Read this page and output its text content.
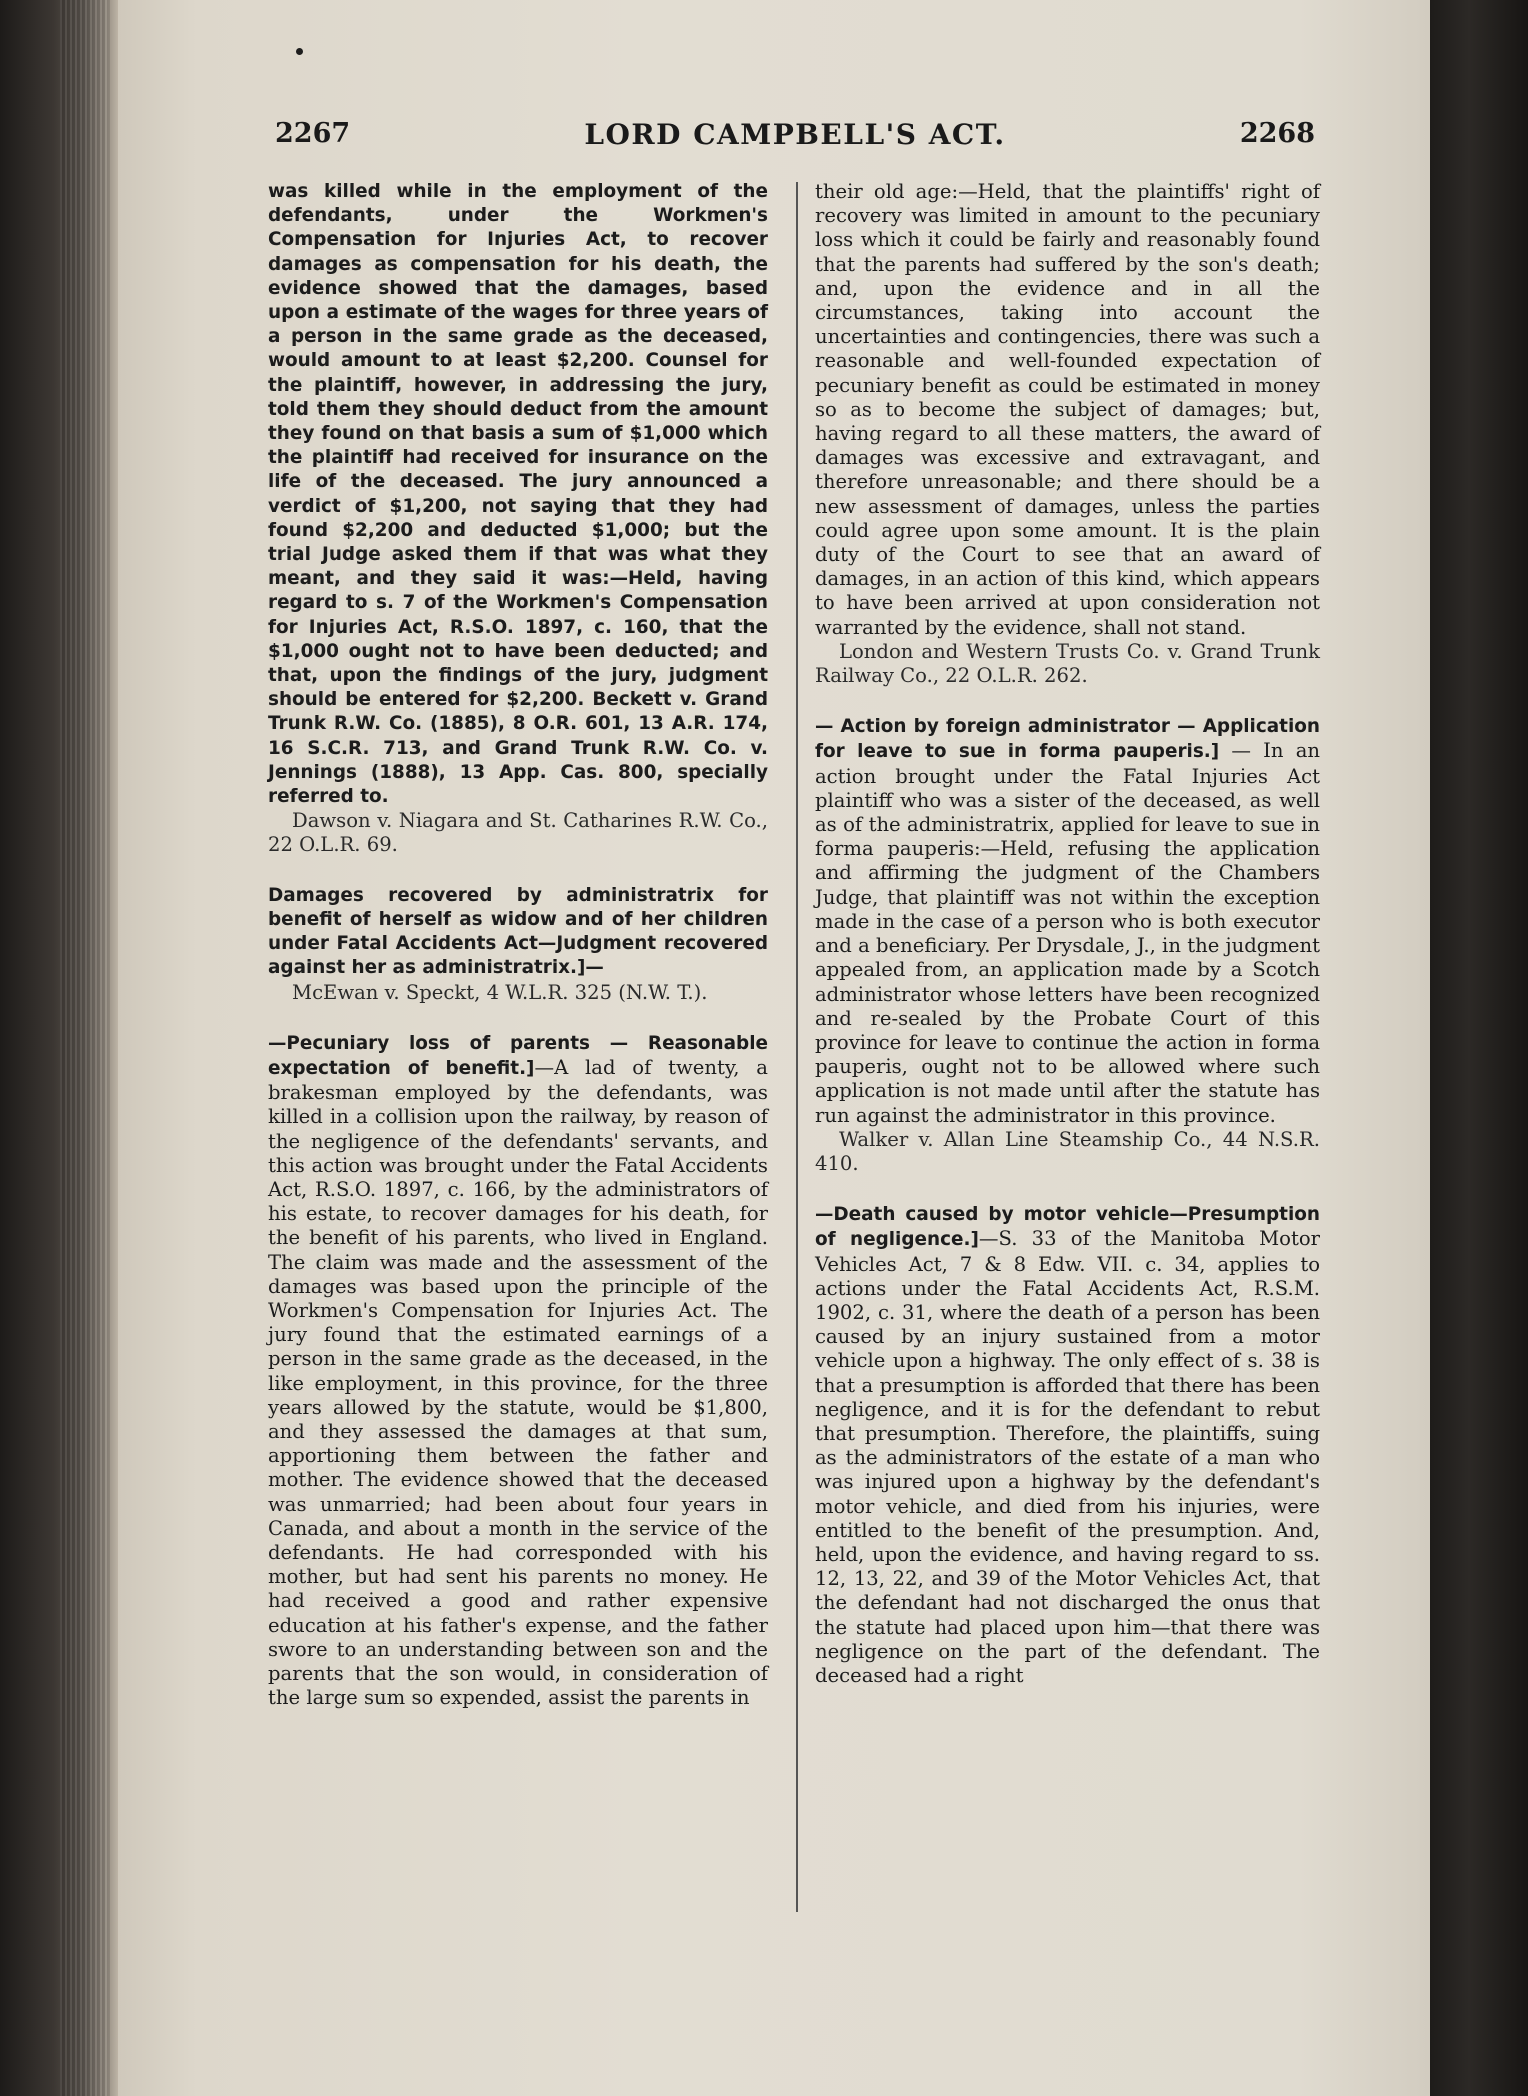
2267	LORD CAMPBELL'S ACT.	2268

was killed while in the employment of the defendants, under the Workmen's Compensation for Injuries Act, to recover damages as compensation for his death, the evidence showed that the damages, based upon a estimate of the wages for three years of a person in the same grade as the deceased, would amount to at least $2,200. Counsel for the plaintiff, however, in addressing the jury, told them they should deduct from the amount they found on that basis a sum of $1,000 which the plaintiff had received for insurance on the life of the deceased. The jury announced a verdict of $1,200, not saying that they had found $2,200 and deducted $1,000; but the trial Judge asked them if that was what they meant, and they said it was:—Held, having regard to s. 7 of the Workmen's Compensation for Injuries Act, R.S.O. 1897, c. 160, that the $1,000 ought not to have been deducted; and that, upon the findings of the jury, judgment should be entered for $2,200. Beckett v. Grand Trunk R.W. Co. (1885), 8 O.R. 601, 13 A.R. 174, 16 S.C.R. 713, and Grand Trunk R.W. Co. v. Jennings (1888), 13 App. Cas. 800, specially referred to.

Dawson v. Niagara and St. Catharines R.W. Co., 22 O.L.R. 69.

Damages recovered by administratrix for benefit of herself as widow and of her children under Fatal Accidents Act—Judgment recovered against her as administratrix.]—

McEwan v. Speckt, 4 W.L.R. 325 (N.W. T.).

—Pecuniary loss of parents — Reasonable expectation of benefit.]—A lad of twenty, a brakesman employed by the defendants, was killed in a collision upon the railway, by reason of the negligence of the defendants' servants, and this action was brought under the Fatal Accidents Act, R.S.O. 1897, c. 166, by the administrators of his estate, to recover damages for his death, for the benefit of his parents, who lived in England. The claim was made and the assessment of the damages was based upon the principle of the Workmen's Compensation for Injuries Act. The jury found that the estimated earnings of a person in the same grade as the deceased, in the like employment, in this province, for the three years allowed by the statute, would be $1,800, and they assessed the damages at that sum, apportioning them between the father and mother. The evidence showed that the deceased was unmarried; had been about four years in Canada, and about a month in the service of the defendants. He had corresponded with his mother, but had sent his parents no money. He had received a good and rather expensive education at his father's expense, and the father swore to an understanding between son and the parents that the son would, in consideration of the large sum so expended, assist the parents in

their old age:—Held, that the plaintiffs' right of recovery was limited in amount to the pecuniary loss which it could be fairly and reasonably found that the parents had suffered by the son's death; and, upon the evidence and in all the circumstances, taking into account the uncertainties and contingencies, there was such a reasonable and well-founded expectation of pecuniary benefit as could be estimated in money so as to become the subject of damages; but, having regard to all these matters, the award of damages was excessive and extravagant, and therefore unreasonable; and there should be a new assessment of damages, unless the parties could agree upon some amount. It is the plain duty of the Court to see that an award of damages, in an action of this kind, which appears to have been arrived at upon consideration not warranted by the evidence, shall not stand.

London and Western Trusts Co. v. Grand Trunk Railway Co., 22 O.L.R. 262.

— Action by foreign administrator — Application for leave to sue in forma pauperis.] — In an action brought under the Fatal Injuries Act plaintiff who was a sister of the deceased, as well as of the administratrix, applied for leave to sue in forma pauperis:—Held, refusing the application and affirming the judgment of the Chambers Judge, that plaintiff was not within the exception made in the case of a person who is both executor and a beneficiary. Per Drysdale, J., in the judgment appealed from, an application made by a Scotch administrator whose letters have been recognized and re-sealed by the Probate Court of this province for leave to continue the action in forma pauperis, ought not to be allowed where such application is not made until after the statute has run against the administrator in this province.

Walker v. Allan Line Steamship Co., 44 N.S.R. 410.

—Death caused by motor vehicle—Presumption of negligence.]—S. 33 of the Manitoba Motor Vehicles Act, 7 & 8 Edw. VII. c. 34, applies to actions under the Fatal Accidents Act, R.S.M. 1902, c. 31, where the death of a person has been caused by an injury sustained from a motor vehicle upon a highway. The only effect of s. 38 is that a presumption is afforded that there has been negligence, and it is for the defendant to rebut that presumption. Therefore, the plaintiffs, suing as the administrators of the estate of a man who was injured upon a highway by the defendant's motor vehicle, and died from his injuries, were entitled to the benefit of the presumption. And, held, upon the evidence, and having regard to ss. 12, 13, 22, and 39 of the Motor Vehicles Act, that the defendant had not discharged the onus that the statute had placed upon him—that there was negligence on the part of the defendant. The deceased had a right
